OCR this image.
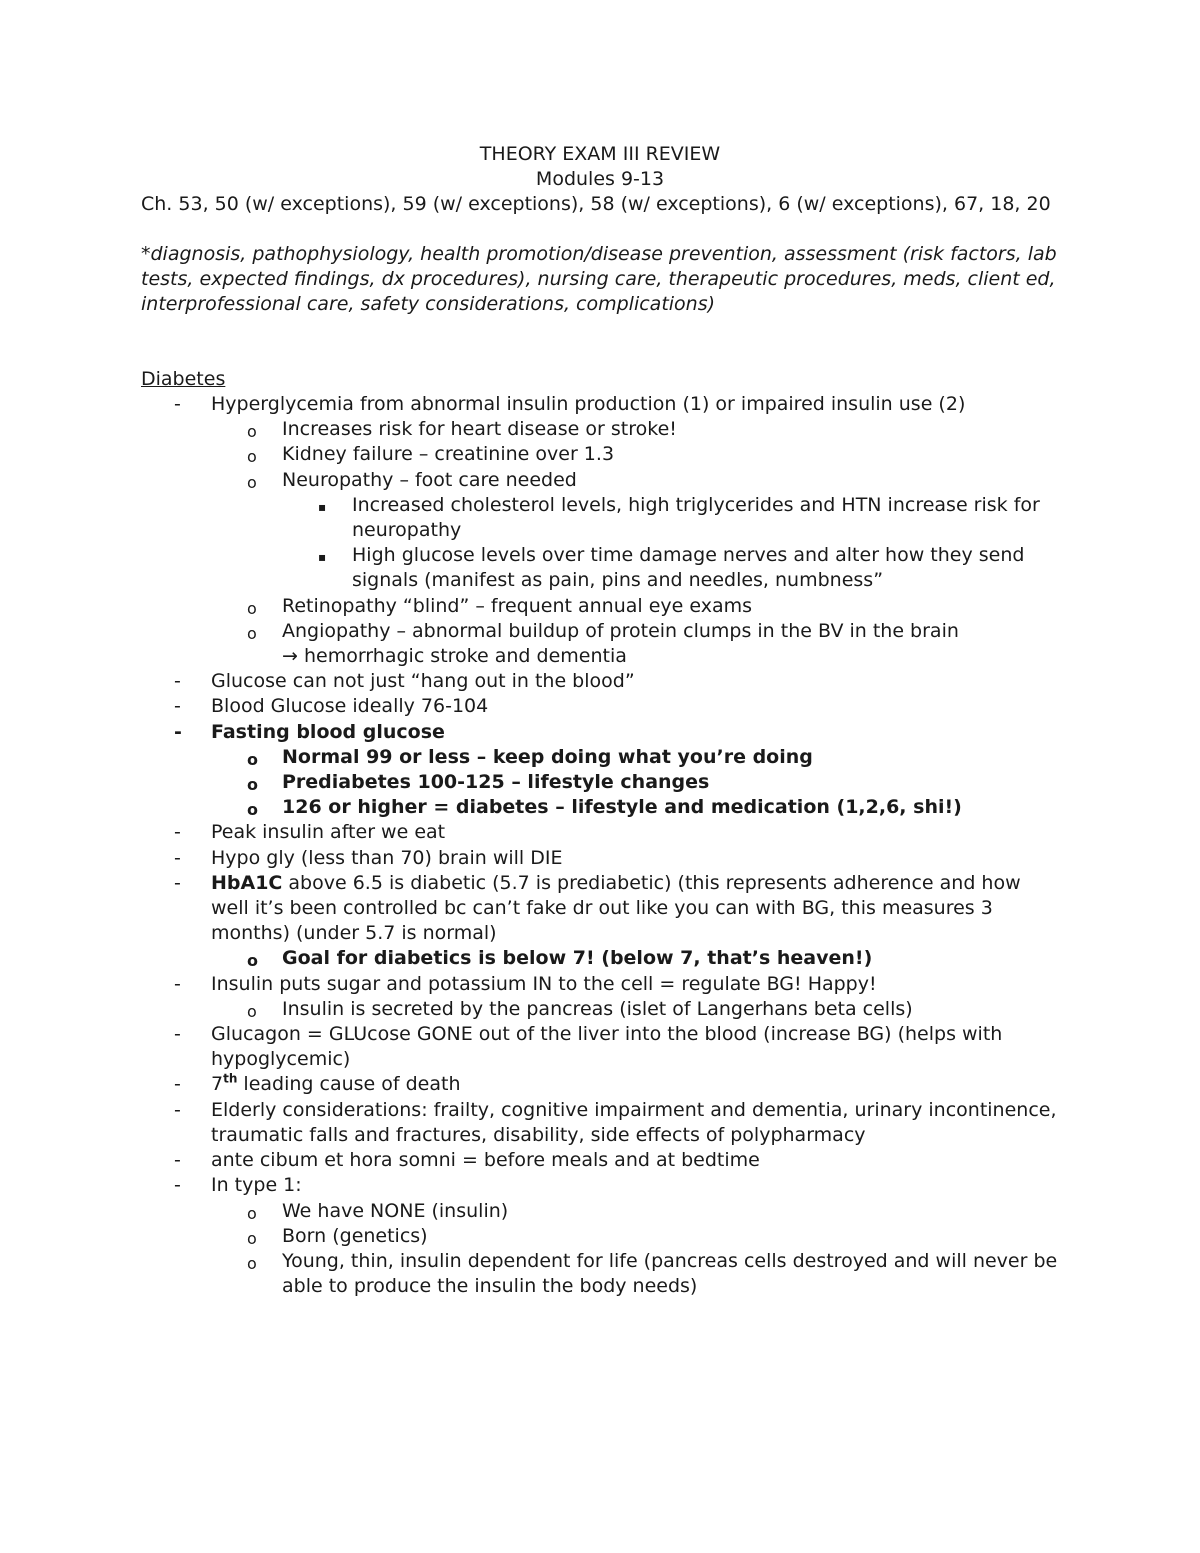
THEORY EXAM III REVIEW
Modules 9-13
Ch. 53, 50 (w/ exceptions), 59 (w/ exceptions), 58 (w/ exceptions), 6 (w/ exceptions), 67, 18, 20
*diagnosis, pathophysiology, health promotion/disease prevention, assessment (risk factors, lab tests, expected findings, dx procedures), nursing care, therapeutic procedures, meds, client ed, interprofessional care, safety considerations, complications)
Diabetes
- Hyperglycemia from abnormal insulin production (1) or impaired insulin use (2)
o Increases risk for heart disease or stroke!
o Kidney failure – creatinine over 1.3
o Neuropathy – foot care needed
▪ Increased cholesterol levels, high triglycerides and HTN increase risk for neuropathy
▪ High glucose levels over time damage nerves and alter how they send signals (manifest as pain, pins and needles, numbness”
o Retinopathy “blind” – frequent annual eye exams
o Angiopathy – abnormal buildup of protein clumps in the BV in the brain
→ hemorrhagic stroke and dementia
- Glucose can not just “hang out in the blood”
- Blood Glucose ideally 76-104
- Fasting blood glucose
o Normal 99 or less – keep doing what you’re doing
o Prediabetes 100-125 – lifestyle changes
o 126 or higher = diabetes – lifestyle and medication (1,2,6, shi!)
- Peak insulin after we eat
- Hypo gly (less than 70) brain will DIE
- HbA1C above 6.5 is diabetic (5.7 is prediabetic) (this represents adherence and how well it’s been controlled bc can’t fake dr out like you can with BG, this measures 3 months) (under 5.7 is normal)
o Goal for diabetics is below 7! (below 7, that’s heaven!)
- Insulin puts sugar and potassium IN to the cell = regulate BG! Happy!
o Insulin is secreted by the pancreas (islet of Langerhans beta cells)
- Glucagon = GLUcose GONE out of the liver into the blood (increase BG) (helps with hypoglycemic)
- 7th leading cause of death
- Elderly considerations: frailty, cognitive impairment and dementia, urinary incontinence, traumatic falls and fractures, disability, side effects of polypharmacy
- ante cibum et hora somni = before meals and at bedtime
- In type 1:
o We have NONE (insulin)
o Born (genetics)
o Young, thin, insulin dependent for life (pancreas cells destroyed and will never be able to produce the insulin the body needs)
